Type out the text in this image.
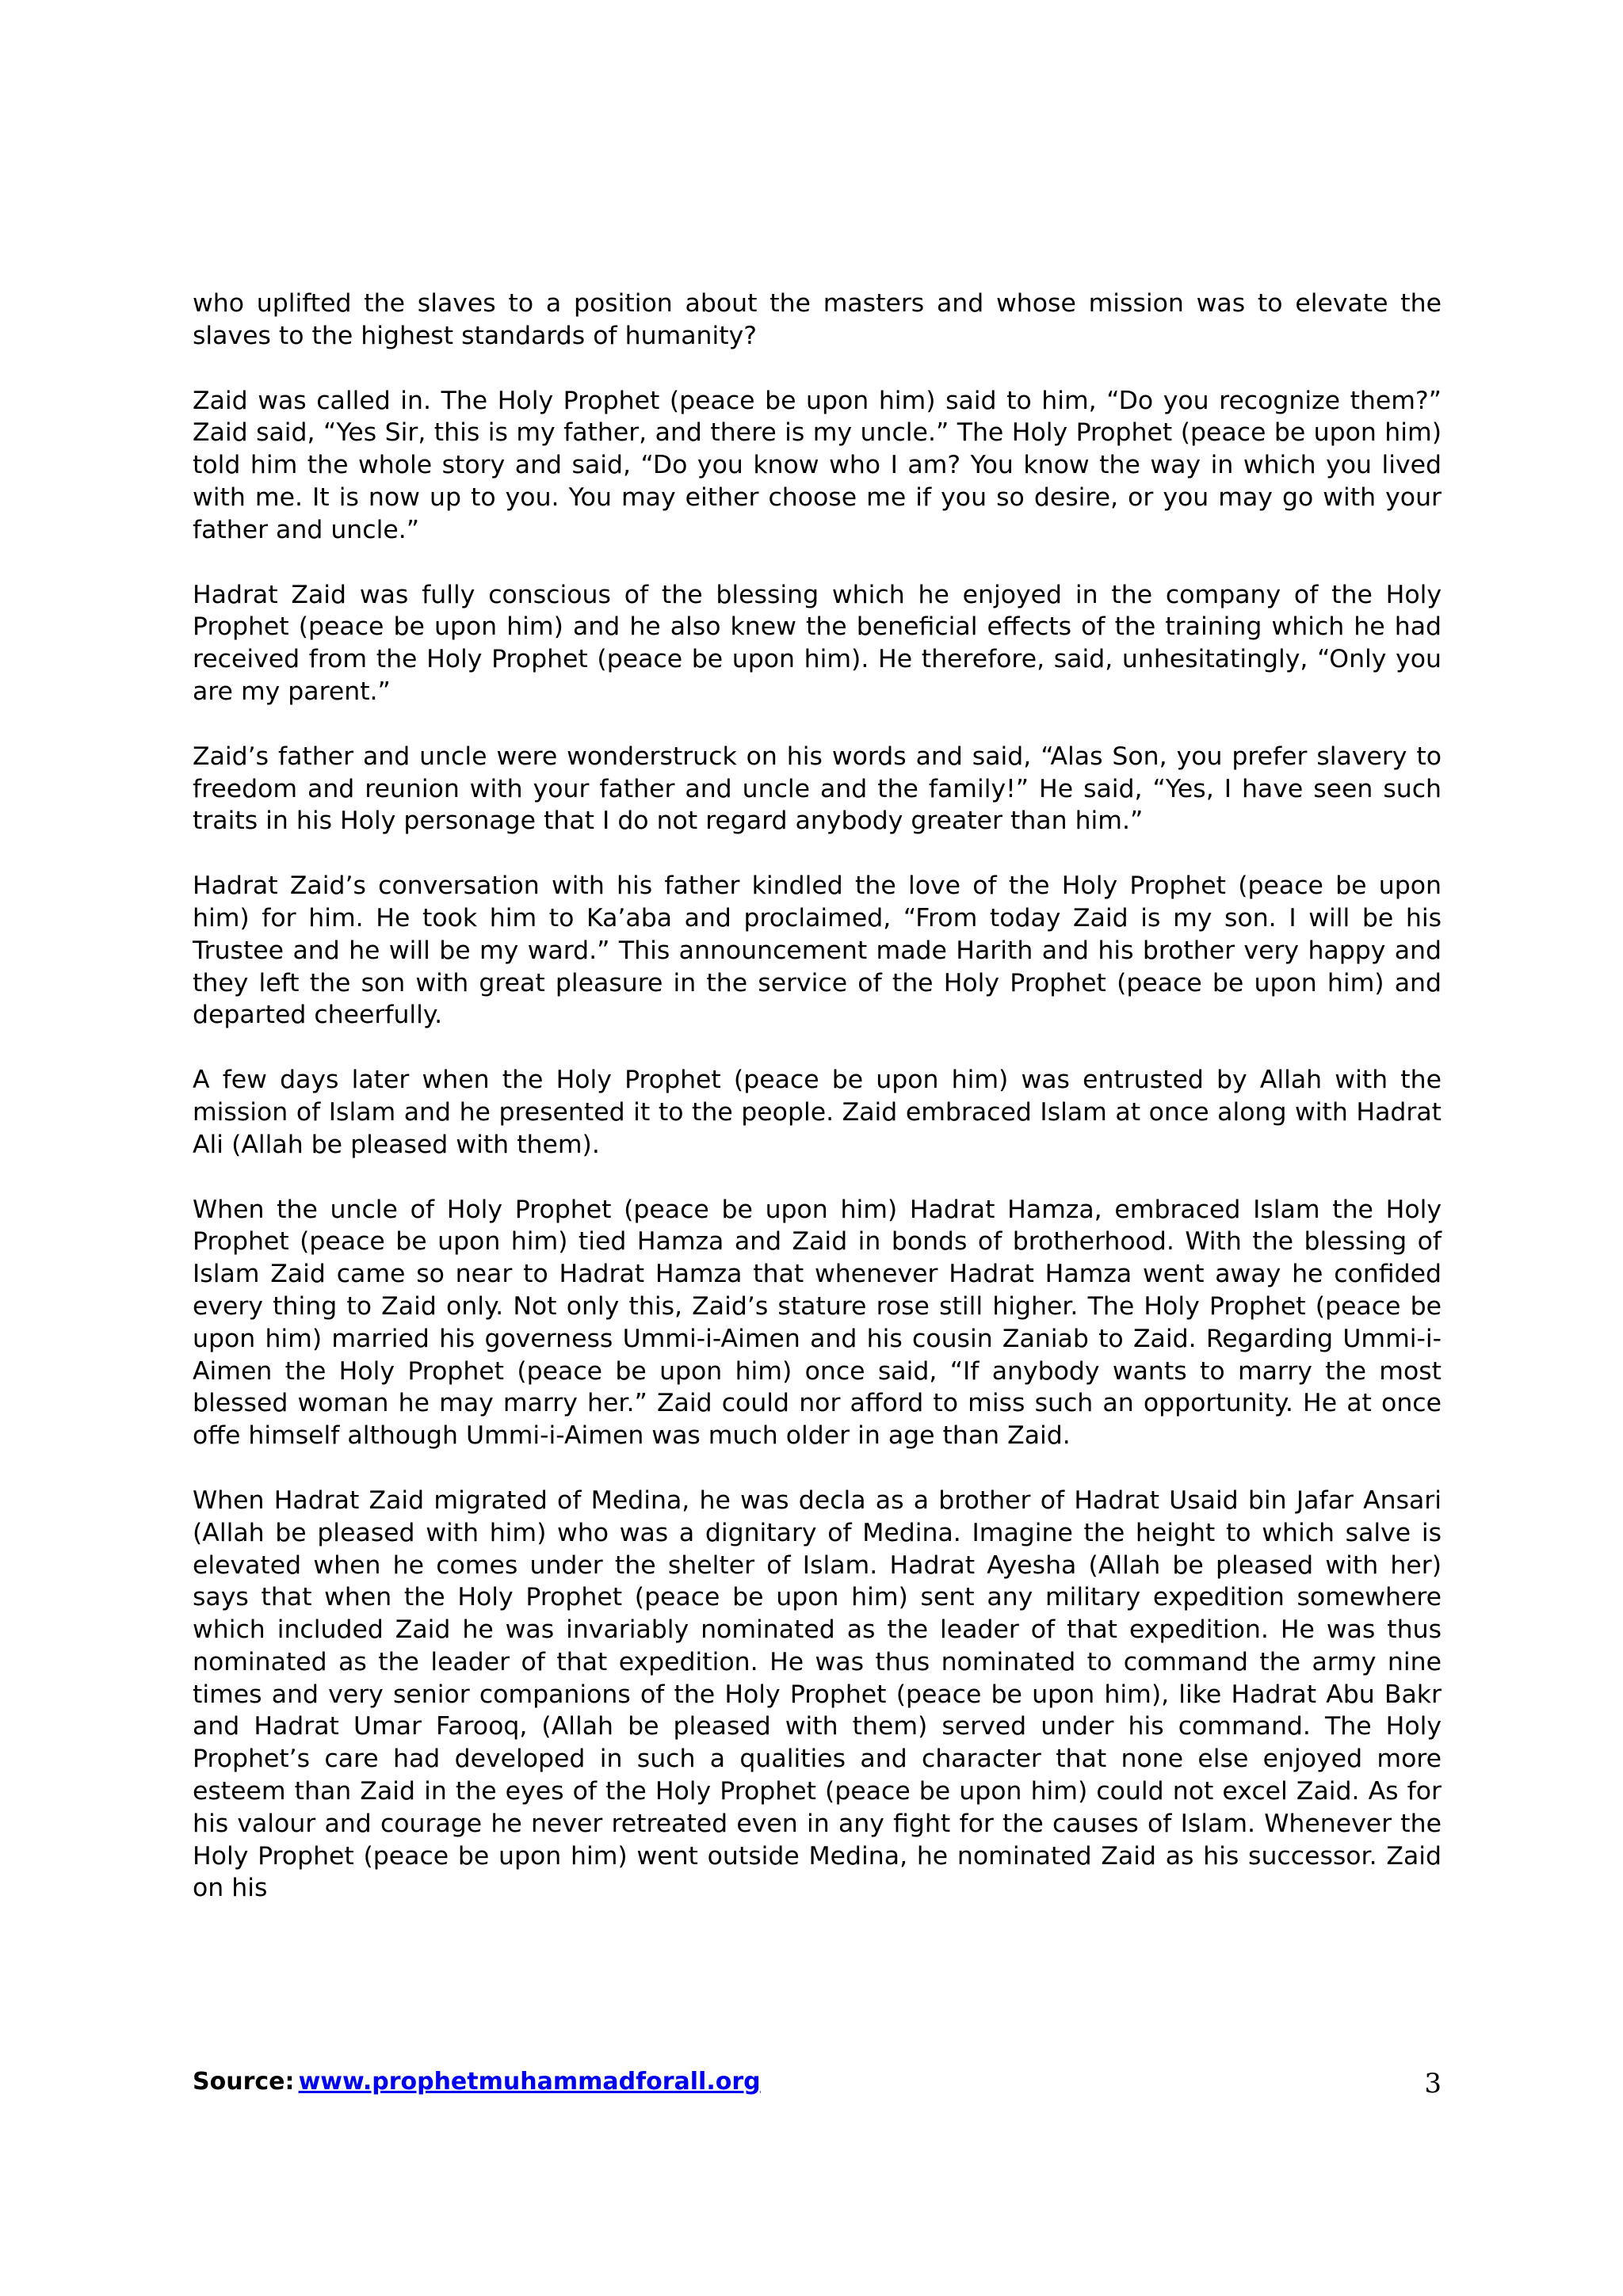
who uplifted the slaves to a position about the masters and whose mission was to elevate the slaves to the highest standards of humanity?

Zaid was called in. The Holy Prophet (peace be upon him) said to him, “Do you recognize them?” Zaid said, “Yes Sir, this is my father, and there is my uncle.” The Holy Prophet (peace be upon him) told him the whole story and said, “Do you know who I am? You know the way in which you lived with me. It is now up to you. You may either choose me if you so desire, or you may go with your father and uncle.”

Hadrat Zaid was fully conscious of the blessing which he enjoyed in the company of the Holy Prophet (peace be upon him) and he also knew the beneficial effects of the training which he had received from the Holy Prophet (peace be upon him). He therefore, said, unhesitatingly, “Only you are my parent.”

Zaid’s father and uncle were wonderstruck on his words and said, “Alas Son, you prefer slavery to freedom and reunion with your father and uncle and the family!” He said, “Yes, I have seen such traits in his Holy personage that I do not regard anybody greater than him.”

Hadrat Zaid’s conversation with his father kindled the love of the Holy Prophet (peace be upon him) for him. He took him to Ka’aba and proclaimed, “From today Zaid is my son. I will be his Trustee and he will be my ward.” This announcement made Harith and his brother very happy and they left the son with great pleasure in the service of the Holy Prophet (peace be upon him) and departed cheerfully.

A few days later when the Holy Prophet (peace be upon him) was entrusted by Allah with the mission of Islam and he presented it to the people. Zaid embraced Islam at once along with Hadrat Ali (Allah be pleased with them).

When the uncle of Holy Prophet (peace be upon him) Hadrat Hamza, embraced Islam the Holy Prophet (peace be upon him) tied Hamza and Zaid in bonds of brotherhood. With the blessing of Islam Zaid came so near to Hadrat Hamza that whenever Hadrat Hamza went away he confided every thing to Zaid only. Not only this, Zaid’s stature rose still higher. The Holy Prophet (peace be upon him) married his governess Ummi-i-Aimen and his cousin Zaniab to Zaid. Regarding Ummi-i-Aimen the Holy Prophet (peace be upon him) once said, “If anybody wants to marry the most blessed woman he may marry her.” Zaid could nor afford to miss such an opportunity. He at once offe himself although Ummi-i-Aimen was much older in age than Zaid.

When Hadrat Zaid migrated of Medina, he was decla as a brother of Hadrat Usaid bin Jafar Ansari (Allah be pleased with him) who was a dignitary of Medina. Imagine the height to which salve is elevated when he comes under the shelter of Islam. Hadrat Ayesha (Allah be pleased with her) says that when the Holy Prophet (peace be upon him) sent any military expedition somewhere which included Zaid he was invariably nominated as the leader of that expedition. He was thus nominated as the leader of that expedition. He was thus nominated to command the army nine times and very senior companions of the Holy Prophet (peace be upon him), like Hadrat Abu Bakr and Hadrat Umar Farooq, (Allah be pleased with them) served under his command. The Holy Prophet’s care had developed in such a qualities and character that none else enjoyed more esteem than Zaid in the eyes of the Holy Prophet (peace be upon him) could not excel Zaid. As for his valour and courage he never retreated even in any fight for the causes of Islam. Whenever the Holy Prophet (peace be upon him) went outside Medina, he nominated Zaid as his successor. Zaid on his

Source: www.prophetmuhammadforall.org	3
